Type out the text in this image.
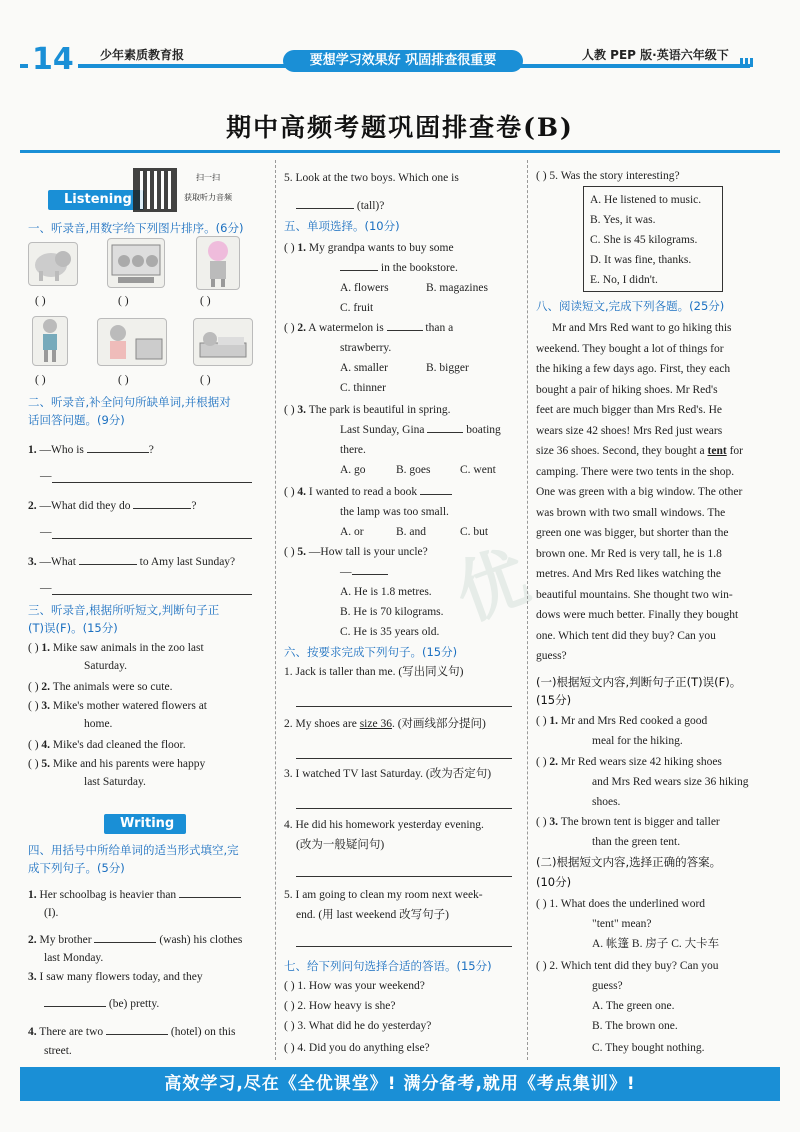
14	少年素质教育报	要想学习效果好 巩固排查很重要	人教 PEP 版·英语六年级下
期中高频考题巩固排查卷(B)
优
Listening
扫一扫
获取听力音频
一、听录音,用数字给下列图片排序。(6分)
( )	( )	( )
( )	( )	( )
二、听录音,补全问句所缺单词,并根据对
话回答问题。(9分)
1. —Who is	?
—
2. —What did they do	?
—
3. —What	to Amy last Sunday?
—
三、听录音,根据所听短文,判断句子正
(T)误(F)。(15分)
( ) 1. Mike saw animals in the zoo last
Saturday.
( ) 2. The animals were so cute.
( ) 3. Mike's mother watered flowers at
home.
( ) 4. Mike's dad cleaned the floor.
( ) 5. Mike and his parents were happy
last Saturday.
Writing
四、用括号中所给单词的适当形式填空,完
成下列句子。(5分)
1. Her schoolbag is heavier than
(I).
2. My brother	(wash) his clothes
last Monday.
3. I saw many flowers today, and they
(be) pretty.
4. There are two	(hotel) on this
street.
5. Look at the two boys. Which one is
(tall)?
五、单项选择。(10分)
( ) 1. My grandpa wants to buy some
in the bookstore.
A. flowers	B. magazines
C. fruit
( ) 2. A watermelon is	than a
strawberry.
A. smaller	B. bigger
C. thinner
( ) 3. The park is beautiful in spring.
Last Sunday, Gina	boating
there.
A. go	B. goes	C. went
( ) 4. I wanted to read a book
the lamp was too small.
A. or	B. and	C. but
( ) 5. —How tall is your uncle?
—
A. He is 1.8 metres.
B. He is 70 kilograms.
C. He is 35 years old.
六、按要求完成下列句子。(15分)
1. Jack is taller than me. (写出同义句)
2. My shoes are size 36. (对画线部分提问)
3. I watched TV last Saturday. (改为否定句)
4. He did his homework yesterday evening.
(改为一般疑问句)
5. I am going to clean my room next week-
end. (用 last weekend 改写句子)
七、给下列问句选择合适的答语。(15分)
( ) 1. How was your weekend?
( ) 2. How heavy is she?
( ) 3. What did he do yesterday?
( ) 4. Did you do anything else?
( ) 5. Was the story interesting?
A. He listened to music.
B. Yes, it was.
C. She is 45 kilograms.
D. It was fine, thanks.
E. No, I didn't.
八、阅读短文,完成下列各题。(25分)
Mr and Mrs Red want to go hiking this
weekend. They bought a lot of things for
the hiking a few days ago. First, they each
bought a pair of hiking shoes. Mr Red's
feet are much bigger than Mrs Red's. He
wears size 42 shoes! Mrs Red just wears
size 36 shoes. Second, they bought a tent for
camping. There were two tents in the shop.
One was green with a big window. The other
was brown with two small windows. The
green one was bigger, but shorter than the
brown one. Mr Red is very tall, he is 1.8
metres. And Mrs Red likes watching the
beautiful mountains. She thought two win-
dows were much better. Finally they bought
one. Which tent did they buy? Can you
guess?
(一)根据短文内容,判断句子正(T)误(F)。
(15分)
( ) 1. Mr and Mrs Red cooked a good
meal for the hiking.
( ) 2. Mr Red wears size 42 hiking shoes
and Mrs Red wears size 36 hiking
shoes.
( ) 3. The brown tent is bigger and taller
than the green tent.
(二)根据短文内容,选择正确的答案。
(10分)
( ) 1. What does the underlined word
"tent" mean?
A. 帐篷 B. 房子 C. 大卡车
( ) 2. Which tent did they buy? Can you
guess?
A. The green one.
B. The brown one.
C. They bought nothing.
高效学习,尽在《全优课堂》! 满分备考,就用《考点集训》!
